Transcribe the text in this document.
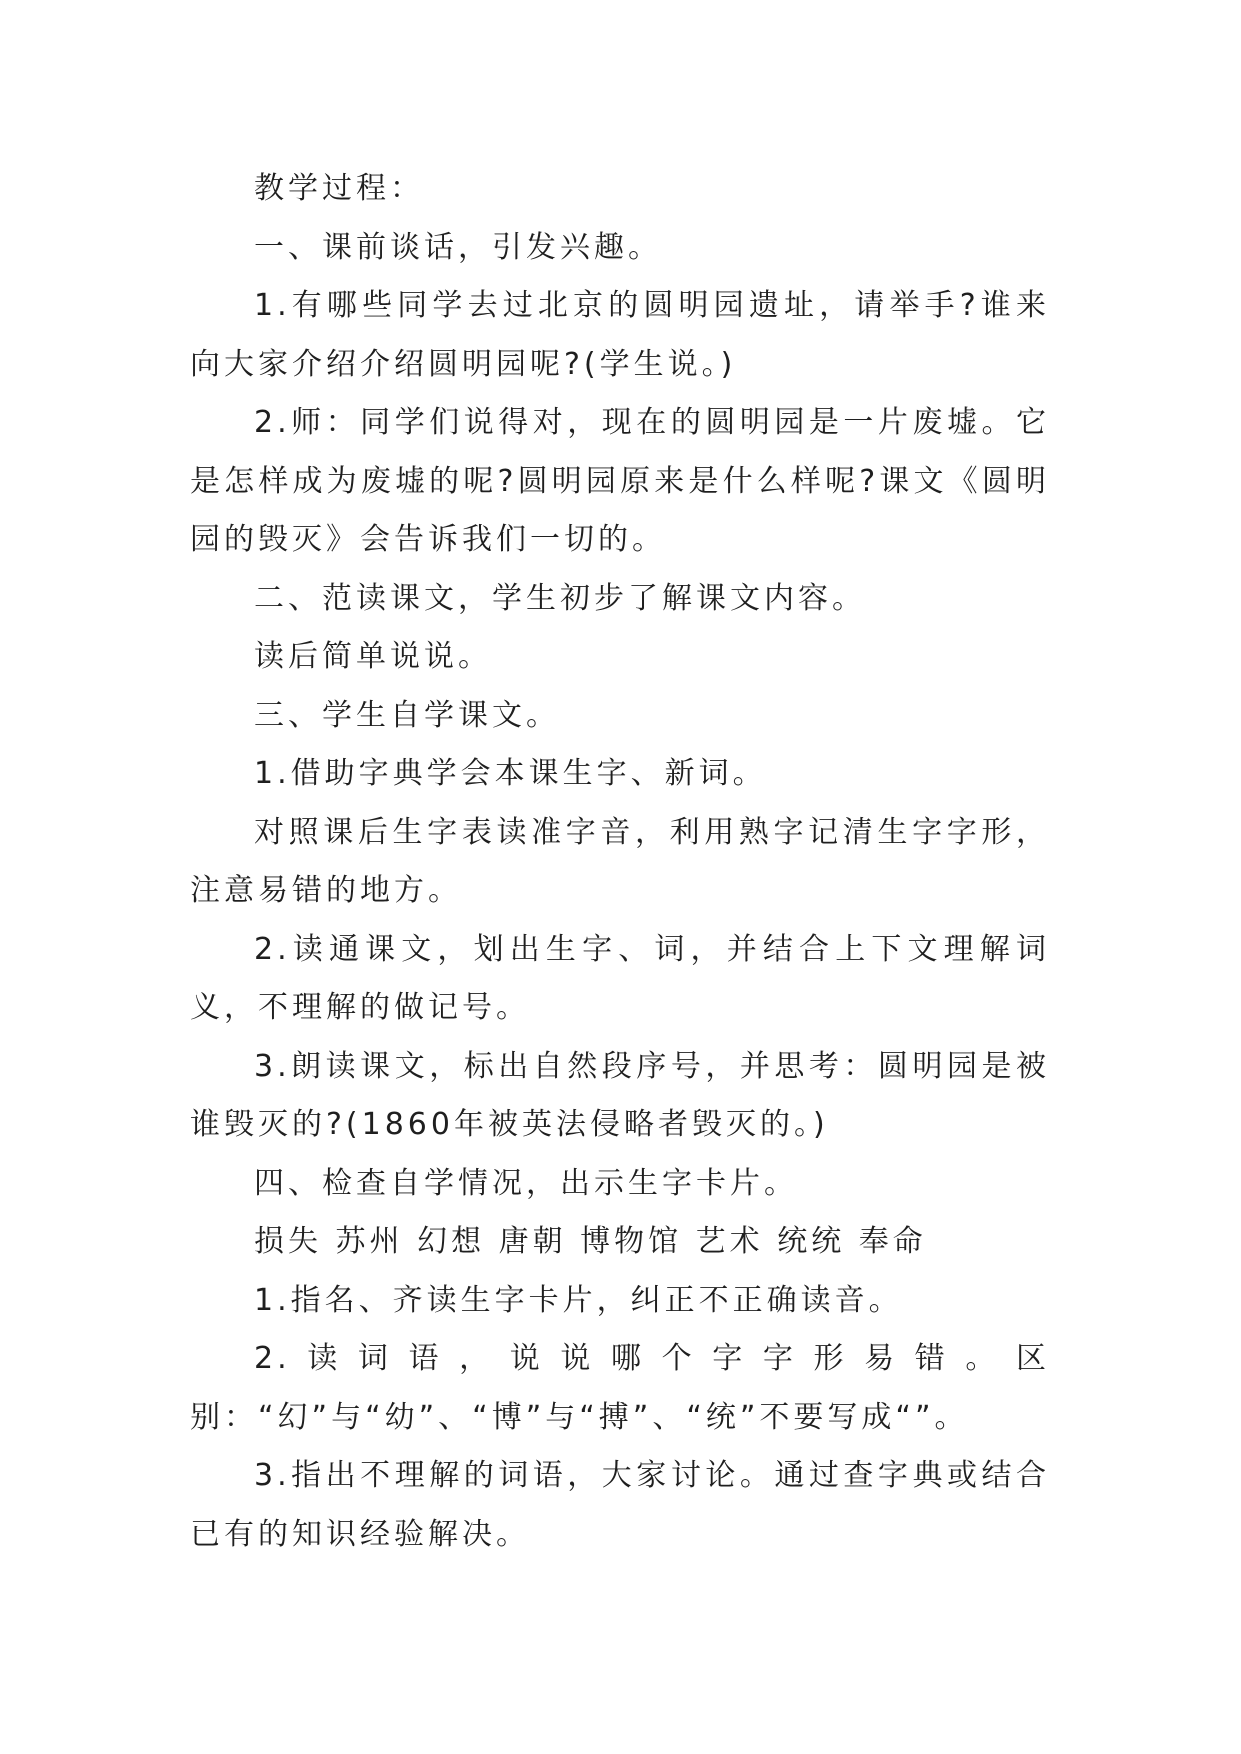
教学过程：

一、课前谈话，引发兴趣。

1.有哪些同学去过北京的圆明园遗址，请举手?谁来向大家介绍介绍圆明园呢?(学生说。)

2.师：同学们说得对，现在的圆明园是一片废墟。它是怎样成为废墟的呢?圆明园原来是什么样呢?课文《圆明园的毁灭》会告诉我们一切的。

二、范读课文，学生初步了解课文内容。

读后简单说说。

三、学生自学课文。

1.借助字典学会本课生字、新词。

对照课后生字表读准字音，利用熟字记清生字字形，注意易错的地方。

2.读通课文，划出生字、词，并结合上下文理解词义，不理解的做记号。

3.朗读课文，标出自然段序号，并思考：圆明园是被谁毁灭的?(1860年被英法侵略者毁灭的。)

四、检查自学情况，出示生字卡片。

损失 苏州 幻想 唐朝 博物馆 艺术 统统 奉命

1.指名、齐读生字卡片，纠正不正确读音。

2.读词语，说说哪个字字形易错。区别：“幻”与“幼”、“博”与“搏”、“统”不要写成“”。

3.指出不理解的词语，大家讨论。通过查字典或结合已有的知识经验解决。
